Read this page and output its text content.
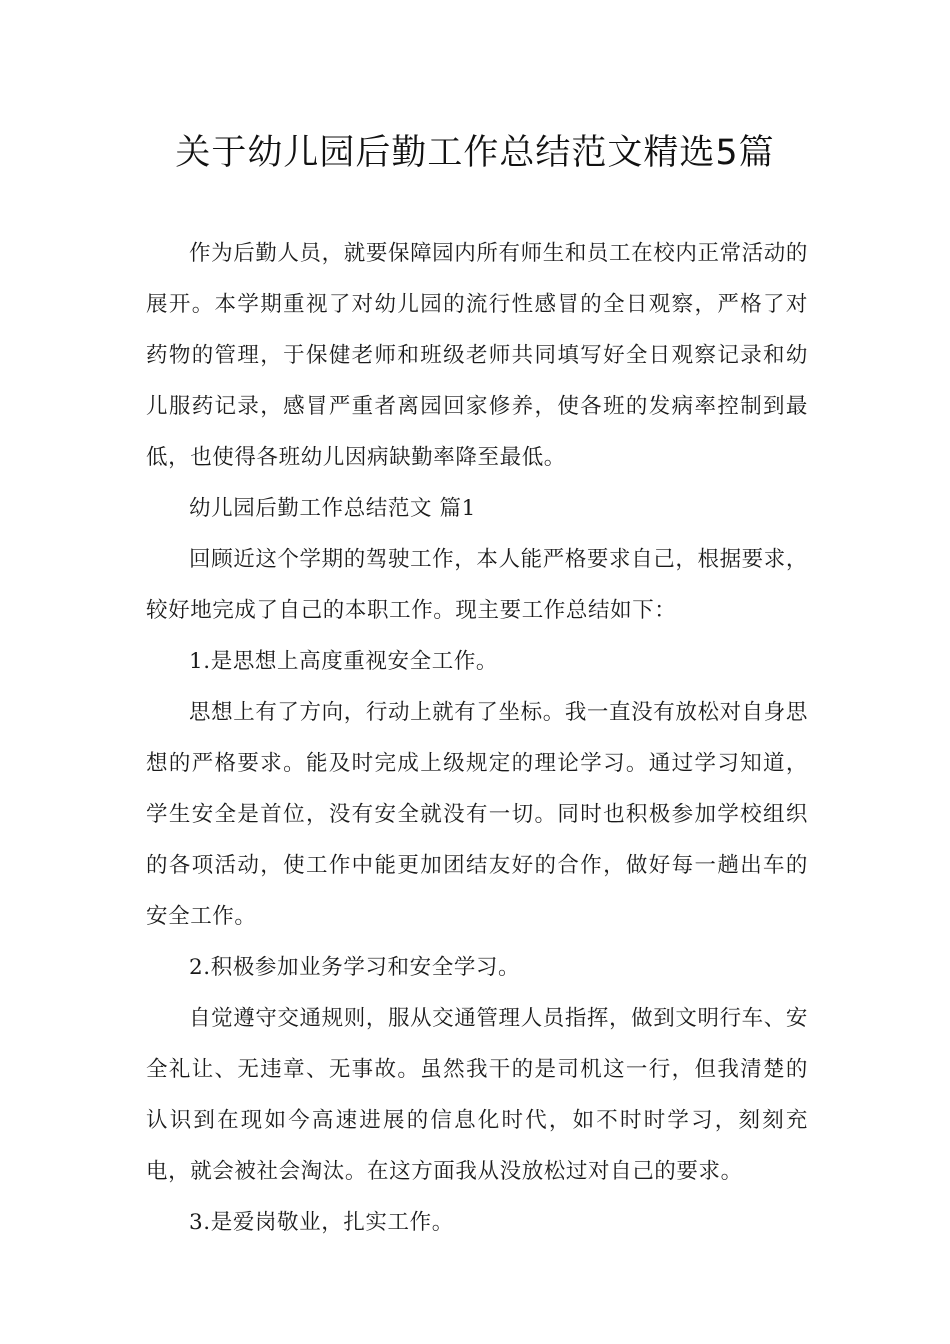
关于幼儿园后勤工作总结范文精选5篇

作为后勤人员，就要保障园内所有师生和员工在校内正常活动的展开。本学期重视了对幼儿园的流行性感冒的全日观察，严格了对药物的管理，于保健老师和班级老师共同填写好全日观察记录和幼儿服药记录，感冒严重者离园回家修养，使各班的发病率控制到最低，也使得各班幼儿因病缺勤率降至最低。

幼儿园后勤工作总结范文 篇1

回顾近这个学期的驾驶工作，本人能严格要求自己，根据要求，较好地完成了自己的本职工作。现主要工作总结如下：

1.是思想上高度重视安全工作。

思想上有了方向，行动上就有了坐标。我一直没有放松对自身思想的严格要求。能及时完成上级规定的理论学习。通过学习知道，学生安全是首位，没有安全就没有一切。同时也积极参加学校组织的各项活动，使工作中能更加团结友好的合作，做好每一趟出车的安全工作。

2.积极参加业务学习和安全学习。

自觉遵守交通规则，服从交通管理人员指挥，做到文明行车、安全礼让、无违章、无事故。虽然我干的是司机这一行，但我清楚的认识到在现如今高速进展的信息化时代，如不时时学习，刻刻充电，就会被社会淘汰。在这方面我从没放松过对自己的要求。

3.是爱岗敬业，扎实工作。
